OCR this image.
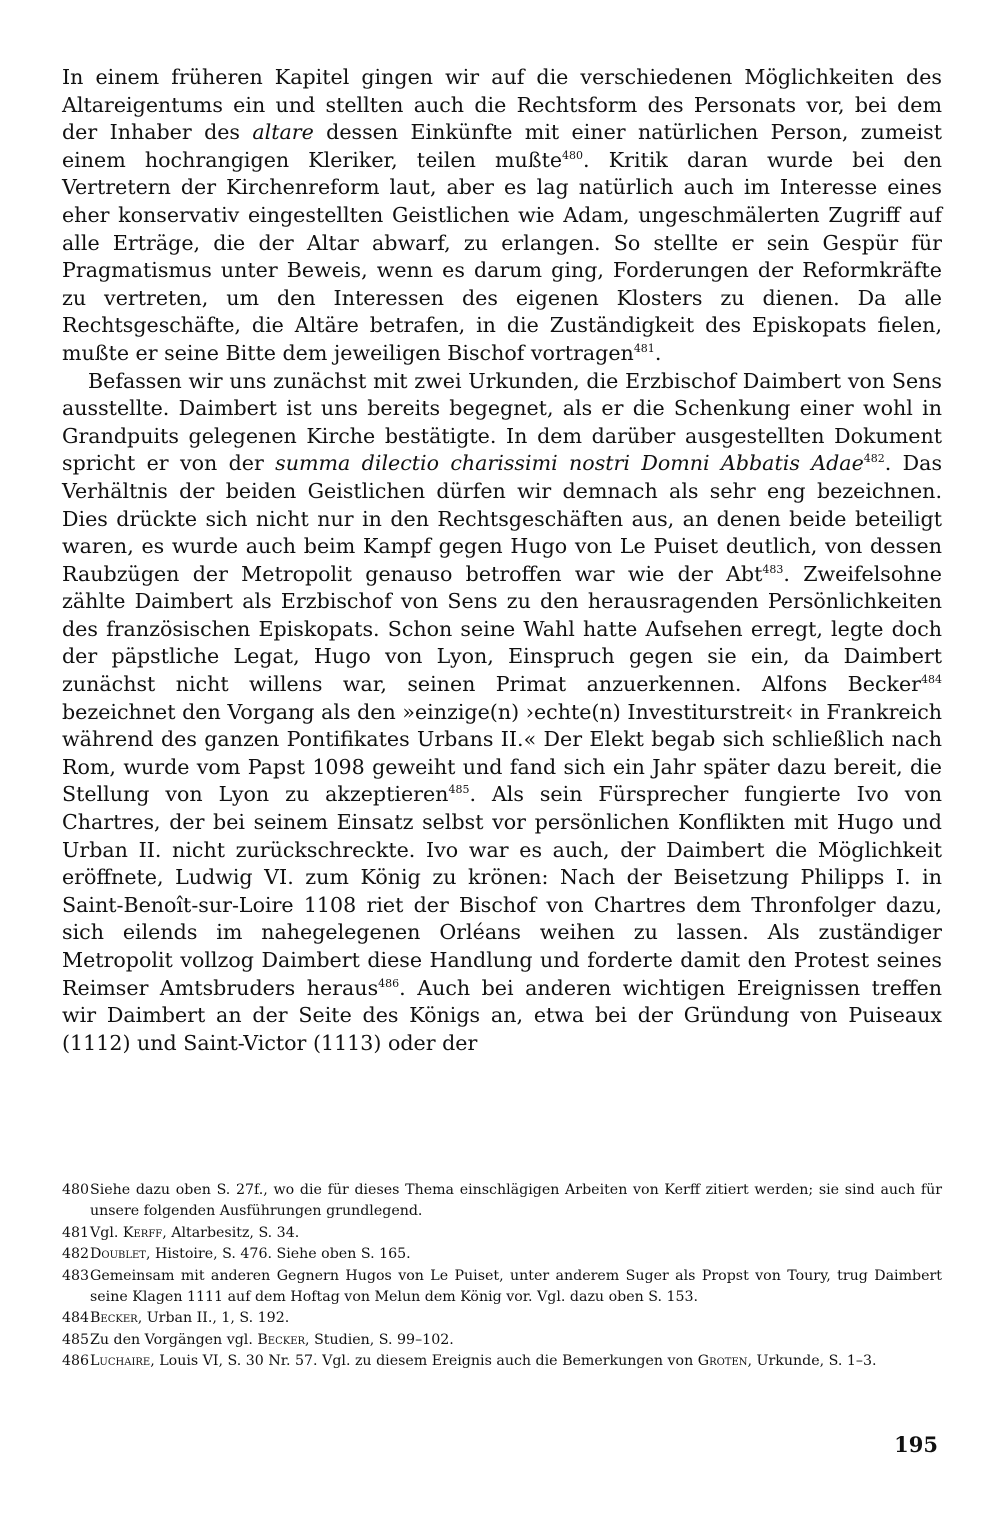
In einem früheren Kapitel gingen wir auf die verschiedenen Möglichkeiten des Altareigentums ein und stellten auch die Rechtsform des Personats vor, bei dem der Inhaber des altare dessen Einkünfte mit einer natürlichen Person, zumeist einem hochrangigen Kleriker, teilen mußte$^{480}$. Kritik daran wurde bei den Vertretern der Kirchenreform laut, aber es lag natürlich auch im Interesse eines eher konservativ eingestellten Geistlichen wie Adam, ungeschmälerten Zugriff auf alle Erträge, die der Altar abwarf, zu erlangen. So stellte er sein Gespür für Pragmatismus unter Beweis, wenn es darum ging, Forderungen der Reformkräfte zu vertreten, um den Interessen des eigenen Klosters zu dienen. Da alle Rechtsgeschäfte, die Altäre betrafen, in die Zuständigkeit des Episkopats fielen, mußte er seine Bitte dem jeweiligen Bischof vortragen$^{481}$.

Befassen wir uns zunächst mit zwei Urkunden, die Erzbischof Daimbert von Sens ausstellte. Daimbert ist uns bereits begegnet, als er die Schenkung einer wohl in Grandpuits gelegenen Kirche bestätigte. In dem darüber ausgestellten Dokument spricht er von der summa dilectio charissimi nostri Domni Abbatis Adae$^{482}$. Das Verhältnis der beiden Geistlichen dürfen wir demnach als sehr eng bezeichnen. Dies drückte sich nicht nur in den Rechtsgeschäften aus, an denen beide beteiligt waren, es wurde auch beim Kampf gegen Hugo von Le Puiset deutlich, von dessen Raubzügen der Metropolit genauso betroffen war wie der Abt$^{483}$. Zweifelsohne zählte Daimbert als Erzbischof von Sens zu den herausragenden Persönlichkeiten des französischen Episkopats. Schon seine Wahl hatte Aufsehen erregt, legte doch der päpstliche Legat, Hugo von Lyon, Einspruch gegen sie ein, da Daimbert zunächst nicht willens war, seinen Primat anzuerkennen. Alfons Becker$^{484}$ bezeichnet den Vorgang als den »einzige(n) ›echte(n) Investiturstreit‹ in Frankreich während des ganzen Pontifikates Urbans II.« Der Elekt begab sich schließlich nach Rom, wurde vom Papst 1098 geweiht und fand sich ein Jahr später dazu bereit, die Stellung von Lyon zu akzeptieren$^{485}$. Als sein Fürsprecher fungierte Ivo von Chartres, der bei seinem Einsatz selbst vor persönlichen Konflikten mit Hugo und Urban II. nicht zurückschreckte. Ivo war es auch, der Daimbert die Möglichkeit eröffnete, Ludwig VI. zum König zu krönen: Nach der Beisetzung Philipps I. in Saint-Benoît-sur-Loire 1108 riet der Bischof von Chartres dem Thronfolger dazu, sich eilends im nahegelegenen Orléans weihen zu lassen. Als zuständiger Metropolit vollzog Daimbert diese Handlung und forderte damit den Protest seines Reimser Amtsbruders heraus$^{486}$. Auch bei anderen wichtigen Ereignissen treffen wir Daimbert an der Seite des Königs an, etwa bei der Gründung von Puiseaux (1112) und Saint-Victor (1113) oder der

480 Siehe dazu oben S. 27f., wo die für dieses Thema einschlägigen Arbeiten von Kerff zitiert werden; sie sind auch für unsere folgenden Ausführungen grundlegend.
481 Vgl. Kerff, Altarbesitz, S. 34.
482 Doublet, Histoire, S. 476. Siehe oben S. 165.
483 Gemeinsam mit anderen Gegnern Hugos von Le Puiset, unter anderem Suger als Propst von Toury, trug Daimbert seine Klagen 1111 auf dem Hoftag von Melun dem König vor. Vgl. dazu oben S. 153.
484 Becker, Urban II., 1, S. 192.
485 Zu den Vorgängen vgl. Becker, Studien, S. 99–102.
486 Luchaire, Louis VI, S. 30 Nr. 57. Vgl. zu diesem Ereignis auch die Bemerkungen von Groten, Urkunde, S. 1–3.
195
